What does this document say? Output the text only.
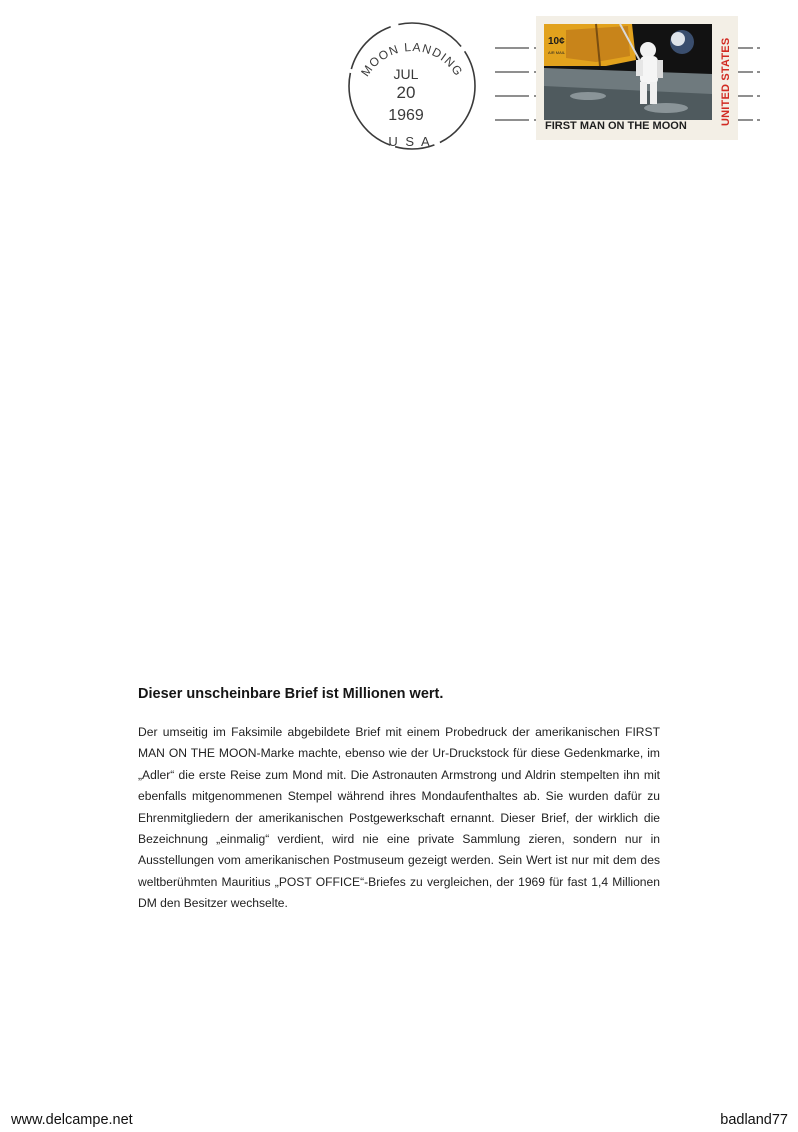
MOON LANDING
JUL
20
1969
U S A
10¢
AIR MAIL	UNITED STATES
FIRST MAN ON THE MOON
Dieser unscheinbare Brief ist Millionen wert.

Der umseitig im Faksimile abgebildete Brief mit einem Probedruck der amerikanischen FIRST MAN ON THE MOON-Marke machte, ebenso wie der Ur-Druckstock für diese Gedenkmarke, im „Adler“ die erste Reise zum Mond mit. Die Astronauten Armstrong und Aldrin stempelten ihn mit ebenfalls mitgenommenen Stempel während ihres Mondaufenthaltes ab. Sie wurden dafür zu Ehrenmitgliedern der amerikanischen Postgewerkschaft ernannt. Dieser Brief, der wirklich die Bezeichnung „einmalig“ verdient, wird nie eine private Sammlung zieren, sondern nur in Ausstellungen vom amerikanischen Postmuseum gezeigt werden. Sein Wert ist nur mit dem des weltberühmten Mauritius „POST OFFICE“-Briefes zu vergleichen, der 1969 für fast 1,4 Millionen DM den Besitzer wechselte.

www.delcampe.net	badland77
